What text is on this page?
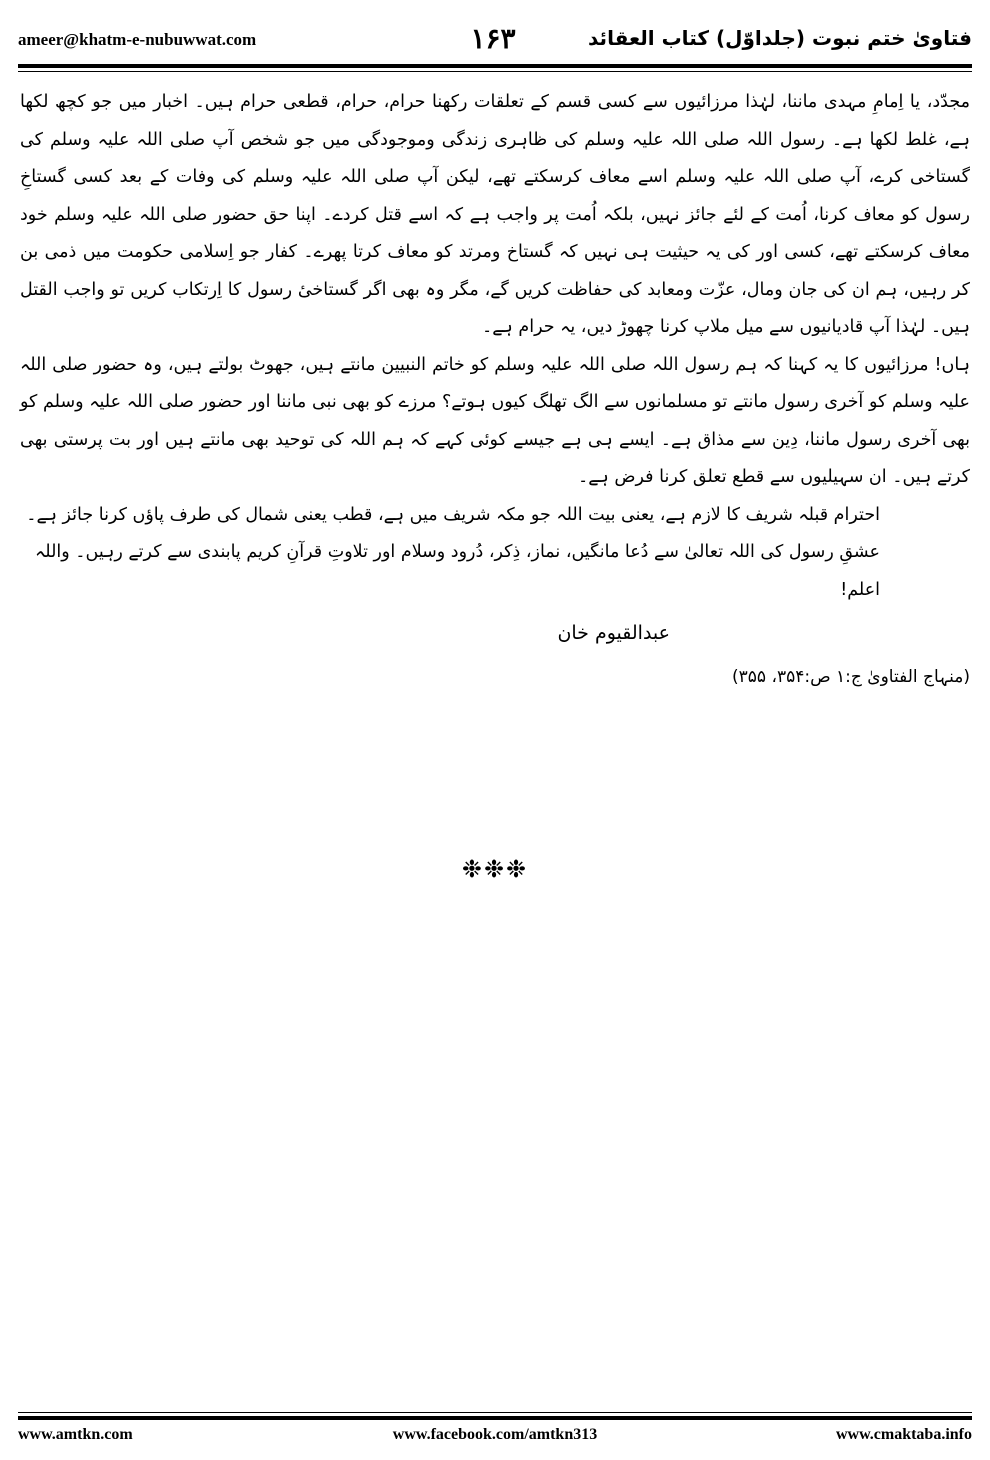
ameer@khatm-e-nubuwwat.com	۱۶۳	فتاویٰ ختم نبوت (جلداوّل) کتاب العقائد

مجدّد، یا اِمامِ مہدی ماننا، لہٰذا مرزائیوں سے کسی قسم کے تعلقات رکھنا حرام، حرام، قطعی حرام ہیں۔ اخبار میں جو کچھ لکھا ہے، غلط لکھا ہے۔ رسول اللہ صلی اللہ علیہ وسلم کی ظاہری زندگی وموجودگی میں جو شخص آپ صلی اللہ علیہ وسلم کی گستاخی کرے، آپ صلی اللہ علیہ وسلم اسے معاف کرسکتے تھے، لیکن آپ صلی اللہ علیہ وسلم کی وفات کے بعد کسی گستاخِ رسول کو معاف کرنا، اُمت کے لئے جائز نہیں، بلکہ اُمت پر واجب ہے کہ اسے قتل کردے۔ اپنا حق حضور صلی اللہ علیہ وسلم خود معاف کرسکتے تھے، کسی اور کی یہ حیثیت ہی نہیں کہ گستاخ ومرتد کو معاف کرتا پھرے۔ کفار جو اِسلامی حکومت میں ذمی بن کر رہیں، ہم ان کی جان ومال، عزّت ومعابد کی حفاظت کریں گے، مگر وہ بھی اگر گستاخیٔ رسول کا اِرتکاب کریں تو واجب القتل ہیں۔ لہٰذا آپ قادیانیوں سے میل ملاپ کرنا چھوڑ دیں، یہ حرام ہے۔

ہاں! مرزائیوں کا یہ کہنا کہ ہم رسول اللہ صلی اللہ علیہ وسلم کو خاتم النبیین مانتے ہیں، جھوٹ بولتے ہیں، وہ حضور صلی اللہ علیہ وسلم کو آخری رسول مانتے تو مسلمانوں سے الگ تھلگ کیوں ہوتے؟ مرزے کو بھی نبی ماننا اور حضور صلی اللہ علیہ وسلم کو بھی آخری رسول ماننا، دِین سے مذاق ہے۔ ایسے ہی ہے جیسے کوئی کہے کہ ہم اللہ کی توحید بھی مانتے ہیں اور بت پرستی بھی کرتے ہیں۔ ان سہیلیوں سے قطع تعلق کرنا فرض ہے۔

احترام قبلہ شریف کا لازم ہے، یعنی بیت اللہ جو مکہ شریف میں ہے، قطب یعنی شمال کی طرف پاؤں کرنا جائز ہے۔

عشقِ رسول کی اللہ تعالیٰ سے دُعا مانگیں، نماز، ذِکر، دُرود وسلام اور تلاوتِ قرآنِ کریم پابندی سے کرتے رہیں۔ واللہ اعلم!

عبدالقیوم خان

(منہاج الفتاویٰ ج:۱ ص:۳۵۴، ۳۵۵)

❉❉❉
www.amtkn.com	www.facebook.com/amtkn313	www.cmaktaba.info
